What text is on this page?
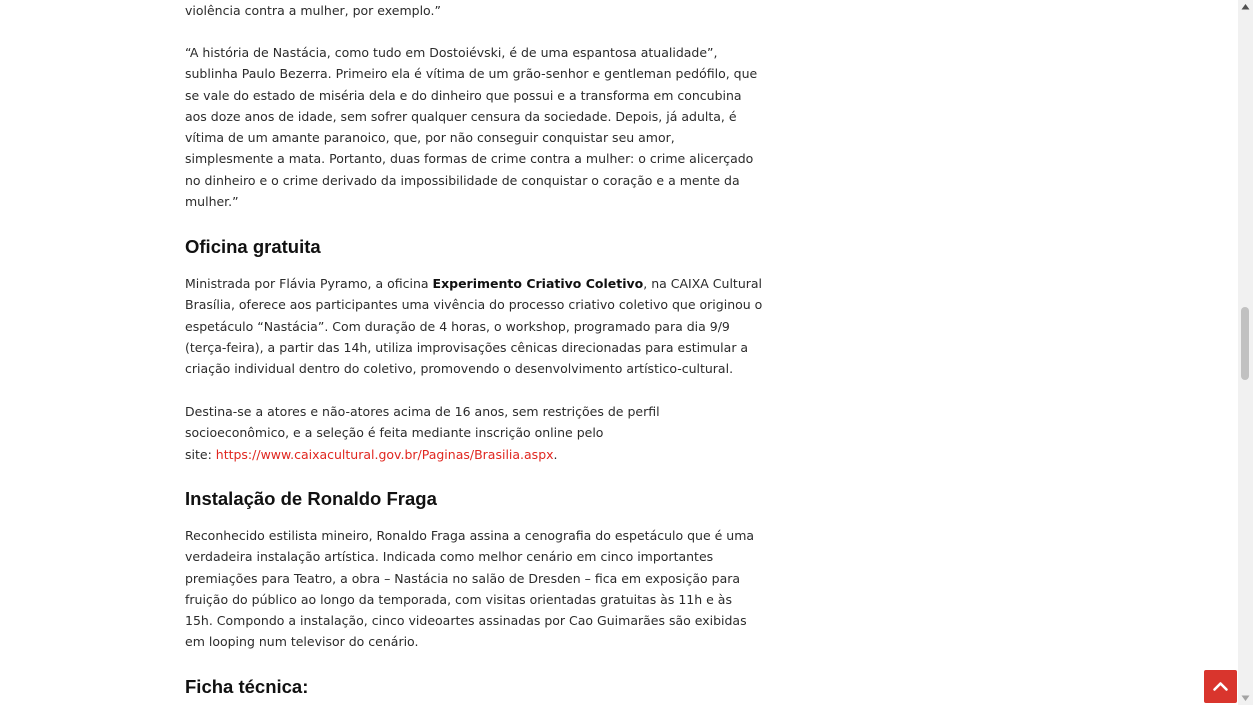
violência contra a mulher, por exemplo.”

“A história de Nastácia, como tudo em Dostoiévski, é de uma espantosa atualidade”,
sublinha Paulo Bezerra. Primeiro ela é vítima de um grão-senhor e gentleman pedófilo, que
se vale do estado de miséria dela e do dinheiro que possui e a transforma em concubina
aos doze anos de idade, sem sofrer qualquer censura da sociedade. Depois, já adulta, é
vítima de um amante paranoico, que, por não conseguir conquistar seu amor,
simplesmente a mata. Portanto, duas formas de crime contra a mulher: o crime alicerçado
no dinheiro e o crime derivado da impossibilidade de conquistar o coração e a mente da
mulher.”

Oficina gratuita

Ministrada por Flávia Pyramo, a oficina Experimento Criativo Coletivo, na CAIXA Cultural
Brasília, oferece aos participantes uma vivência do processo criativo coletivo que originou o
espetáculo “Nastácia”. Com duração de 4 horas, o workshop, programado para dia 9/9
(terça-feira), a partir das 14h, utiliza improvisações cênicas direcionadas para estimular a
criação individual dentro do coletivo, promovendo o desenvolvimento artístico-cultural.

Destina-se a atores e não-atores acima de 16 anos, sem restrições de perfil
socioeconômico, e a seleção é feita mediante inscrição online pelo
site: https://www.caixacultural.gov.br/Paginas/Brasilia.aspx.

Instalação de Ronaldo Fraga

Reconhecido estilista mineiro, Ronaldo Fraga assina a cenografia do espetáculo que é uma
verdadeira instalação artística. Indicada como melhor cenário em cinco importantes
premiações para Teatro, a obra – Nastácia no salão de Dresden – fica em exposição para
fruição do público ao longo da temporada, com visitas orientadas gratuitas às 11h e às
15h. Compondo a instalação, cinco videoartes assinadas por Cao Guimarães são exibidas
em looping num televisor do cenário.

Ficha técnica:
